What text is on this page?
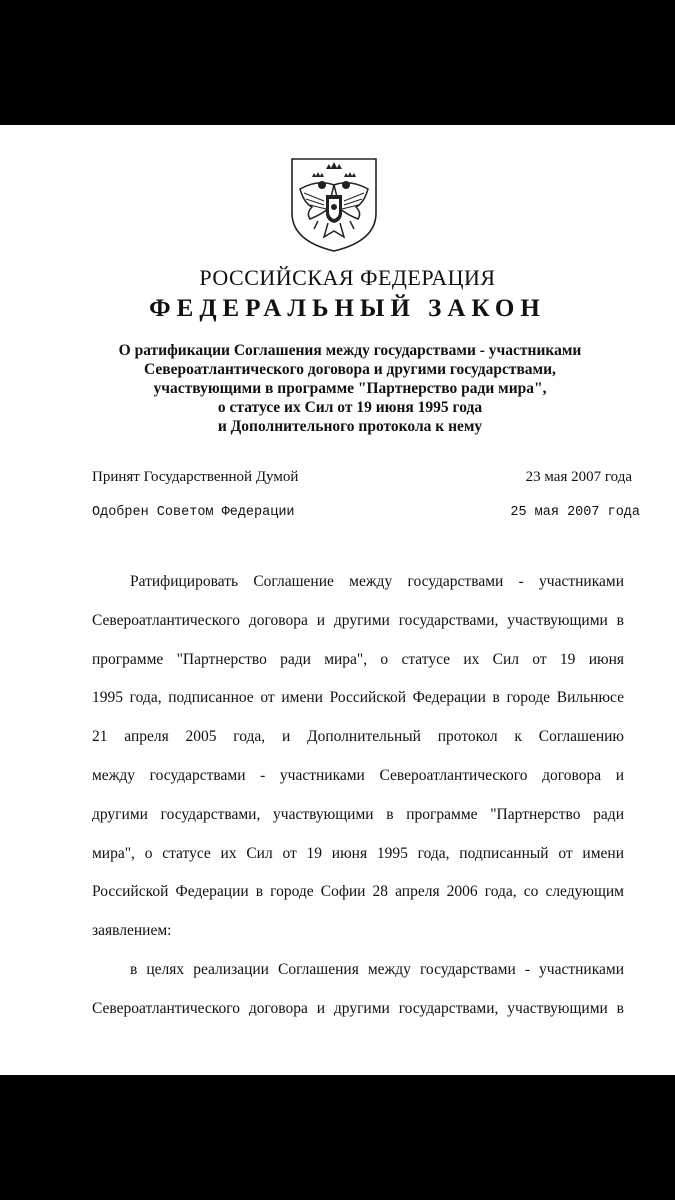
РОССИЙСКАЯ ФЕДЕРАЦИЯ
ФЕДЕРАЛЬНЫЙ ЗАКОН
О ратификации Соглашения между государствами - участниками
Североатлантического договора и другими государствами,
участвующими в программе "Партнерство ради мира",
о статусе их Сил от 19 июня 1995 года
и Дополнительного протокола к нему
Принят Государственной Думой	23 мая 2007 года
Одобрен Советом Федерации	25 мая 2007 года
Ратифицировать Соглашение между государствами - участниками
Североатлантического договора и другими государствами, участвующими в
программе "Партнерство ради мира", о статусе их Сил от 19 июня
1995 года, подписанное от имени Российской Федерации в городе Вильнюсе
21 апреля 2005 года, и Дополнительный протокол к Соглашению
между государствами - участниками Североатлантического договора и
другими государствами, участвующими в программе "Партнерство ради
мира", о статусе их Сил от 19 июня 1995 года, подписанный от имени
Российской Федерации в городе Софии 28 апреля 2006 года, со следующим
заявлением:
в целях реализации Соглашения между государствами - участниками
Североатлантического договора и другими государствами, участвующими в
